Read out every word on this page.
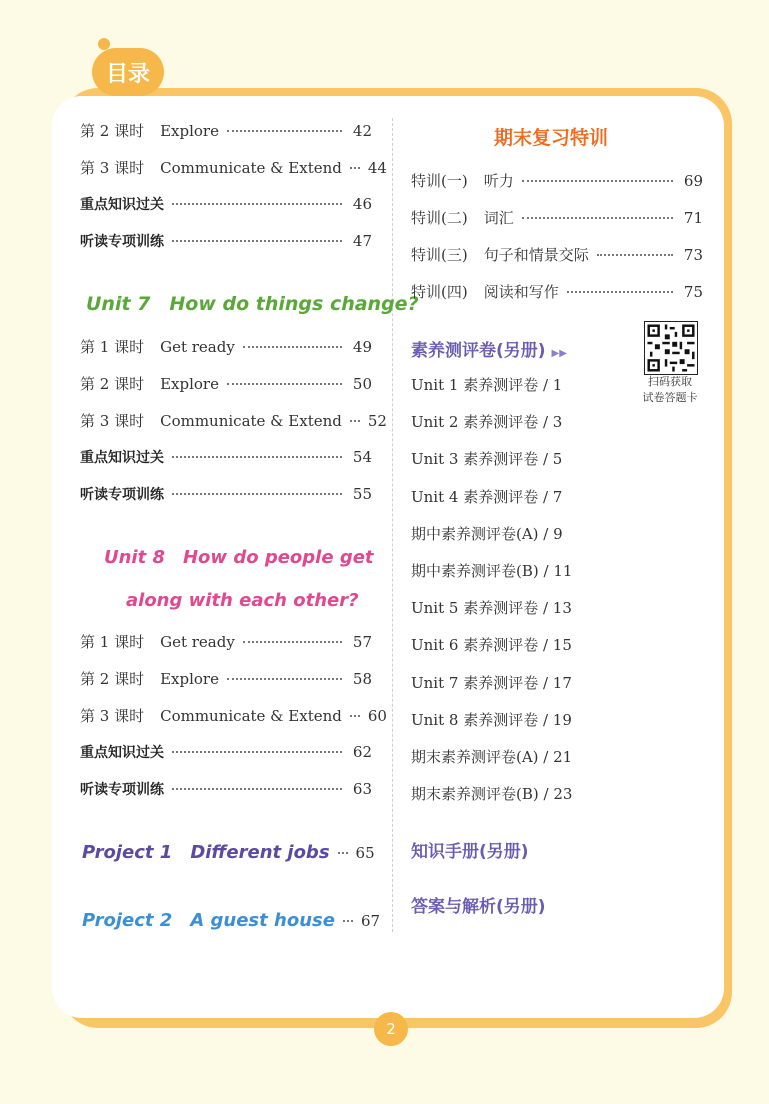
目录
Unit 7　How do things change?
Unit 8　How do people get
along with each other?
Project 1　Different jobs 65
Project 2　A guest house 67
期末复习特训
素养测评卷(另册) ▶▶
扫码获取
试卷答题卡
知识手册(另册)
答案与解析(另册)
2
第 2 课时 Explore	42
第 3 课时 Communicate & Extend 44
重点知识过关	46
听读专项训练	47
第 1 课时 Get ready	49
第 2 课时 Explore	50
第 3 课时 Communicate & Extend 52
重点知识过关	54
听读专项训练	55
第 1 课时 Get ready	57
第 2 课时 Explore	58
第 3 课时 Communicate & Extend 60
重点知识过关	62
听读专项训练	63
特训(一) 听力	69
特训(二) 词汇	71
特训(三) 句子和情景交际	73
特训(四) 阅读和写作	75
Unit 1 素养测评卷 / 1
Unit 2 素养测评卷 / 3
Unit 3 素养测评卷 / 5
Unit 4 素养测评卷 / 7
期中素养测评卷(A) / 9
期中素养测评卷(B) / 11
Unit 5 素养测评卷 / 13
Unit 6 素养测评卷 / 15
Unit 7 素养测评卷 / 17
Unit 8 素养测评卷 / 19
期末素养测评卷(A) / 21
期末素养测评卷(B) / 23
